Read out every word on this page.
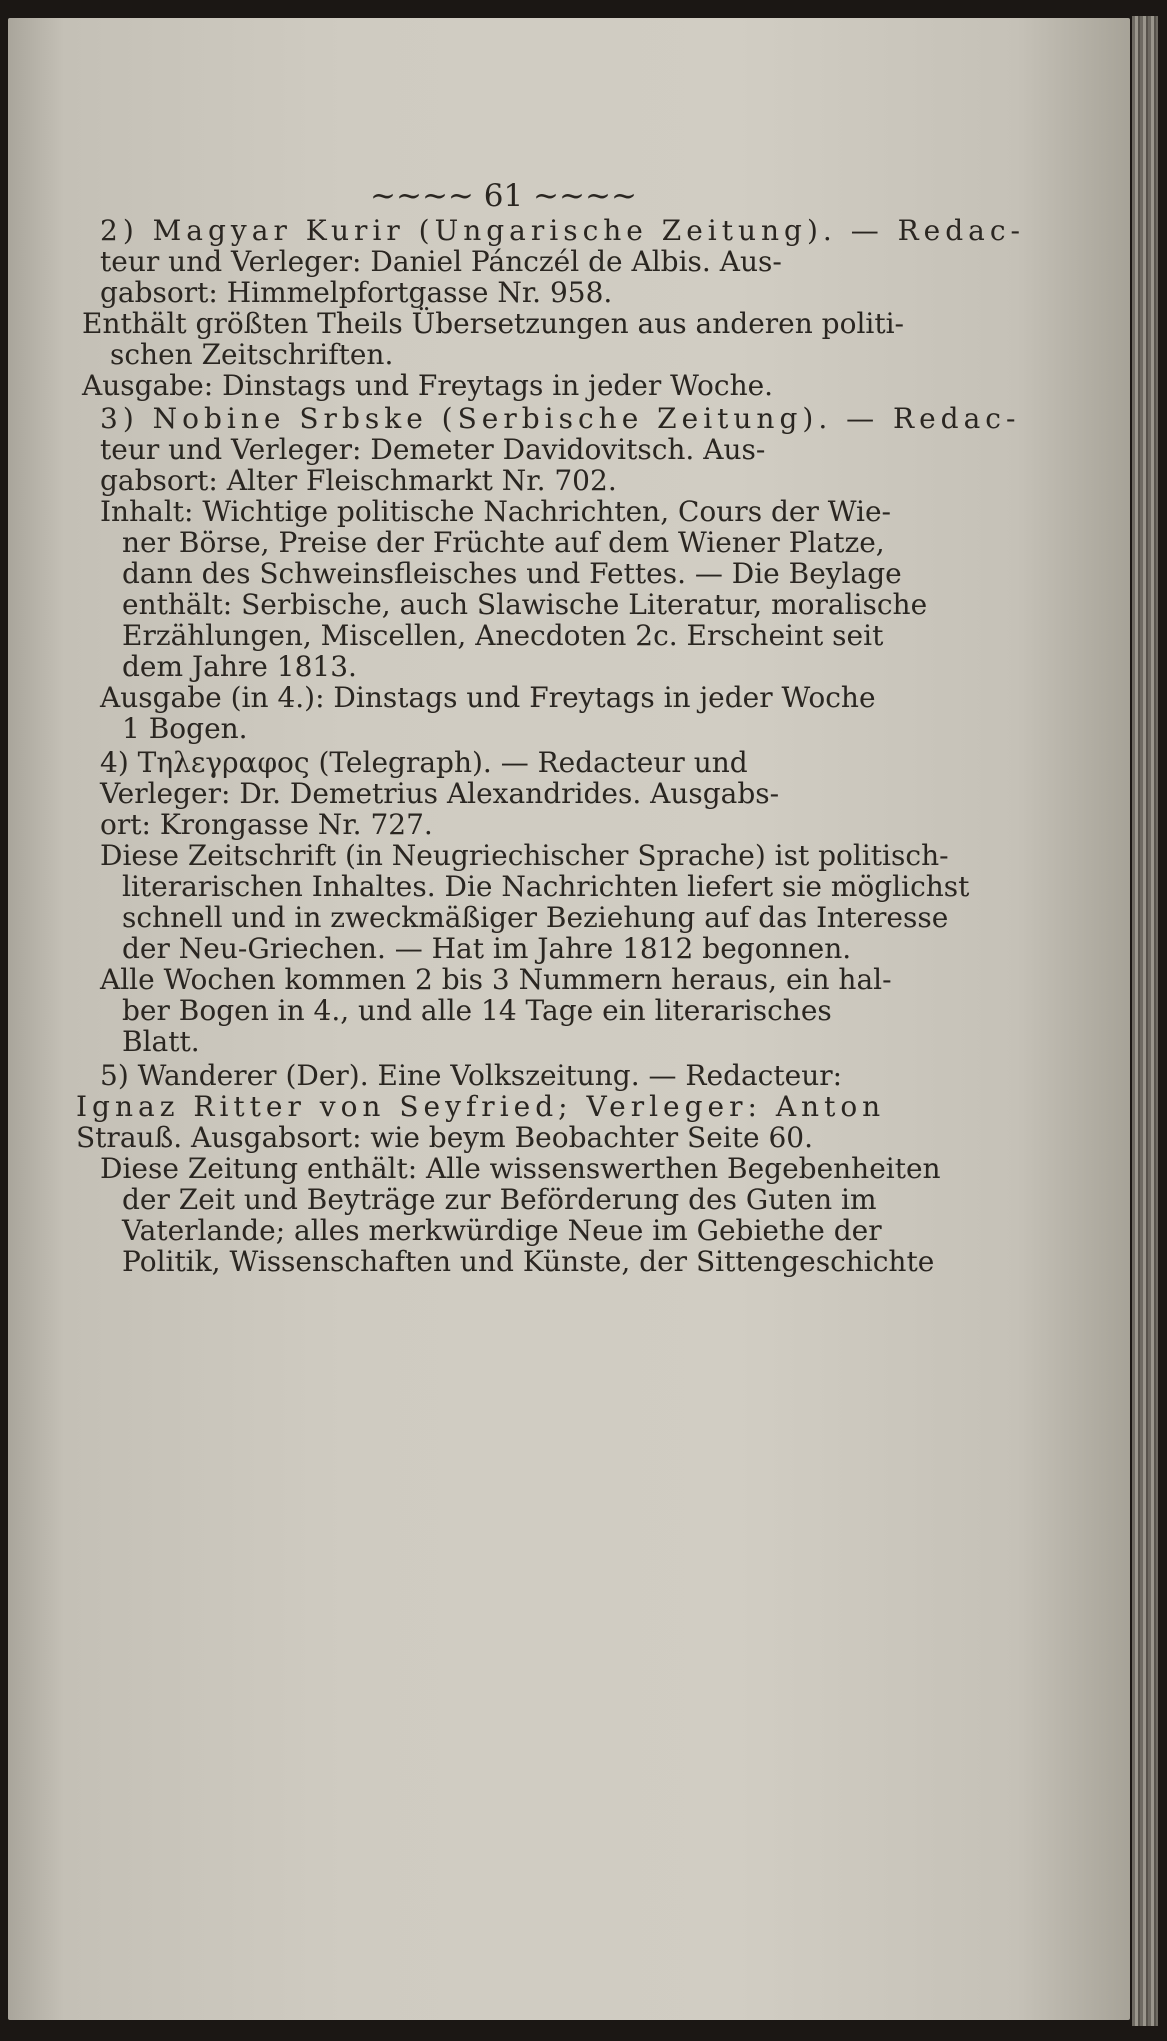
~~~~ 61 ~~~~
2) Magyar Kurir (Ungarische Zeitung). — Redac-
teur und Verleger: Daniel Pánczél de Albis. Aus-
gabsort: Himmelpfortgasse Nr. 958.
Enthält größten Theils Übersetzungen aus anderen politi-
schen Zeitschriften.
Ausgabe: Dinstags und Freytags in jeder Woche.
3) Nobine Srbske (Serbische Zeitung). — Redac-
teur und Verleger: Demeter Davidovitsch. Aus-
gabsort: Alter Fleischmarkt Nr. 702.
Inhalt: Wichtige politische Nachrichten, Cours der Wie-
ner Börse, Preise der Früchte auf dem Wiener Platze,
dann des Schweinsfleisches und Fettes. — Die Beylage
enthält: Serbische, auch Slawische Literatur, moralische
Erzählungen, Miscellen, Anecdoten 2c. Erscheint seit
dem Jahre 1813.
Ausgabe (in 4.): Dinstags und Freytags in jeder Woche
1 Bogen.
4) Τηλεγραφος (Telegraph). — Redacteur und
Verleger: Dr. Demetrius Alexandrides. Ausgabs-
ort: Krongasse Nr. 727.
Diese Zeitschrift (in Neugriechischer Sprache) ist politisch-
literarischen Inhaltes. Die Nachrichten liefert sie möglichst
schnell und in zweckmäßiger Beziehung auf das Interesse
der Neu-Griechen. — Hat im Jahre 1812 begonnen.
Alle Wochen kommen 2 bis 3 Nummern heraus, ein hal-
ber Bogen in 4., und alle 14 Tage ein literarisches
Blatt.
5) Wanderer (Der). Eine Volkszeitung. — Redacteur:
Ignaz Ritter von Seyfried; Verleger: Anton
Strauß. Ausgabsort: wie beym Beobachter Seite 60.
Diese Zeitung enthält: Alle wissenswerthen Begebenheiten
der Zeit und Beyträge zur Beförderung des Guten im
Vaterlande; alles merkwürdige Neue im Gebiethe der
Politik, Wissenschaften und Künste, der Sittengeschichte
